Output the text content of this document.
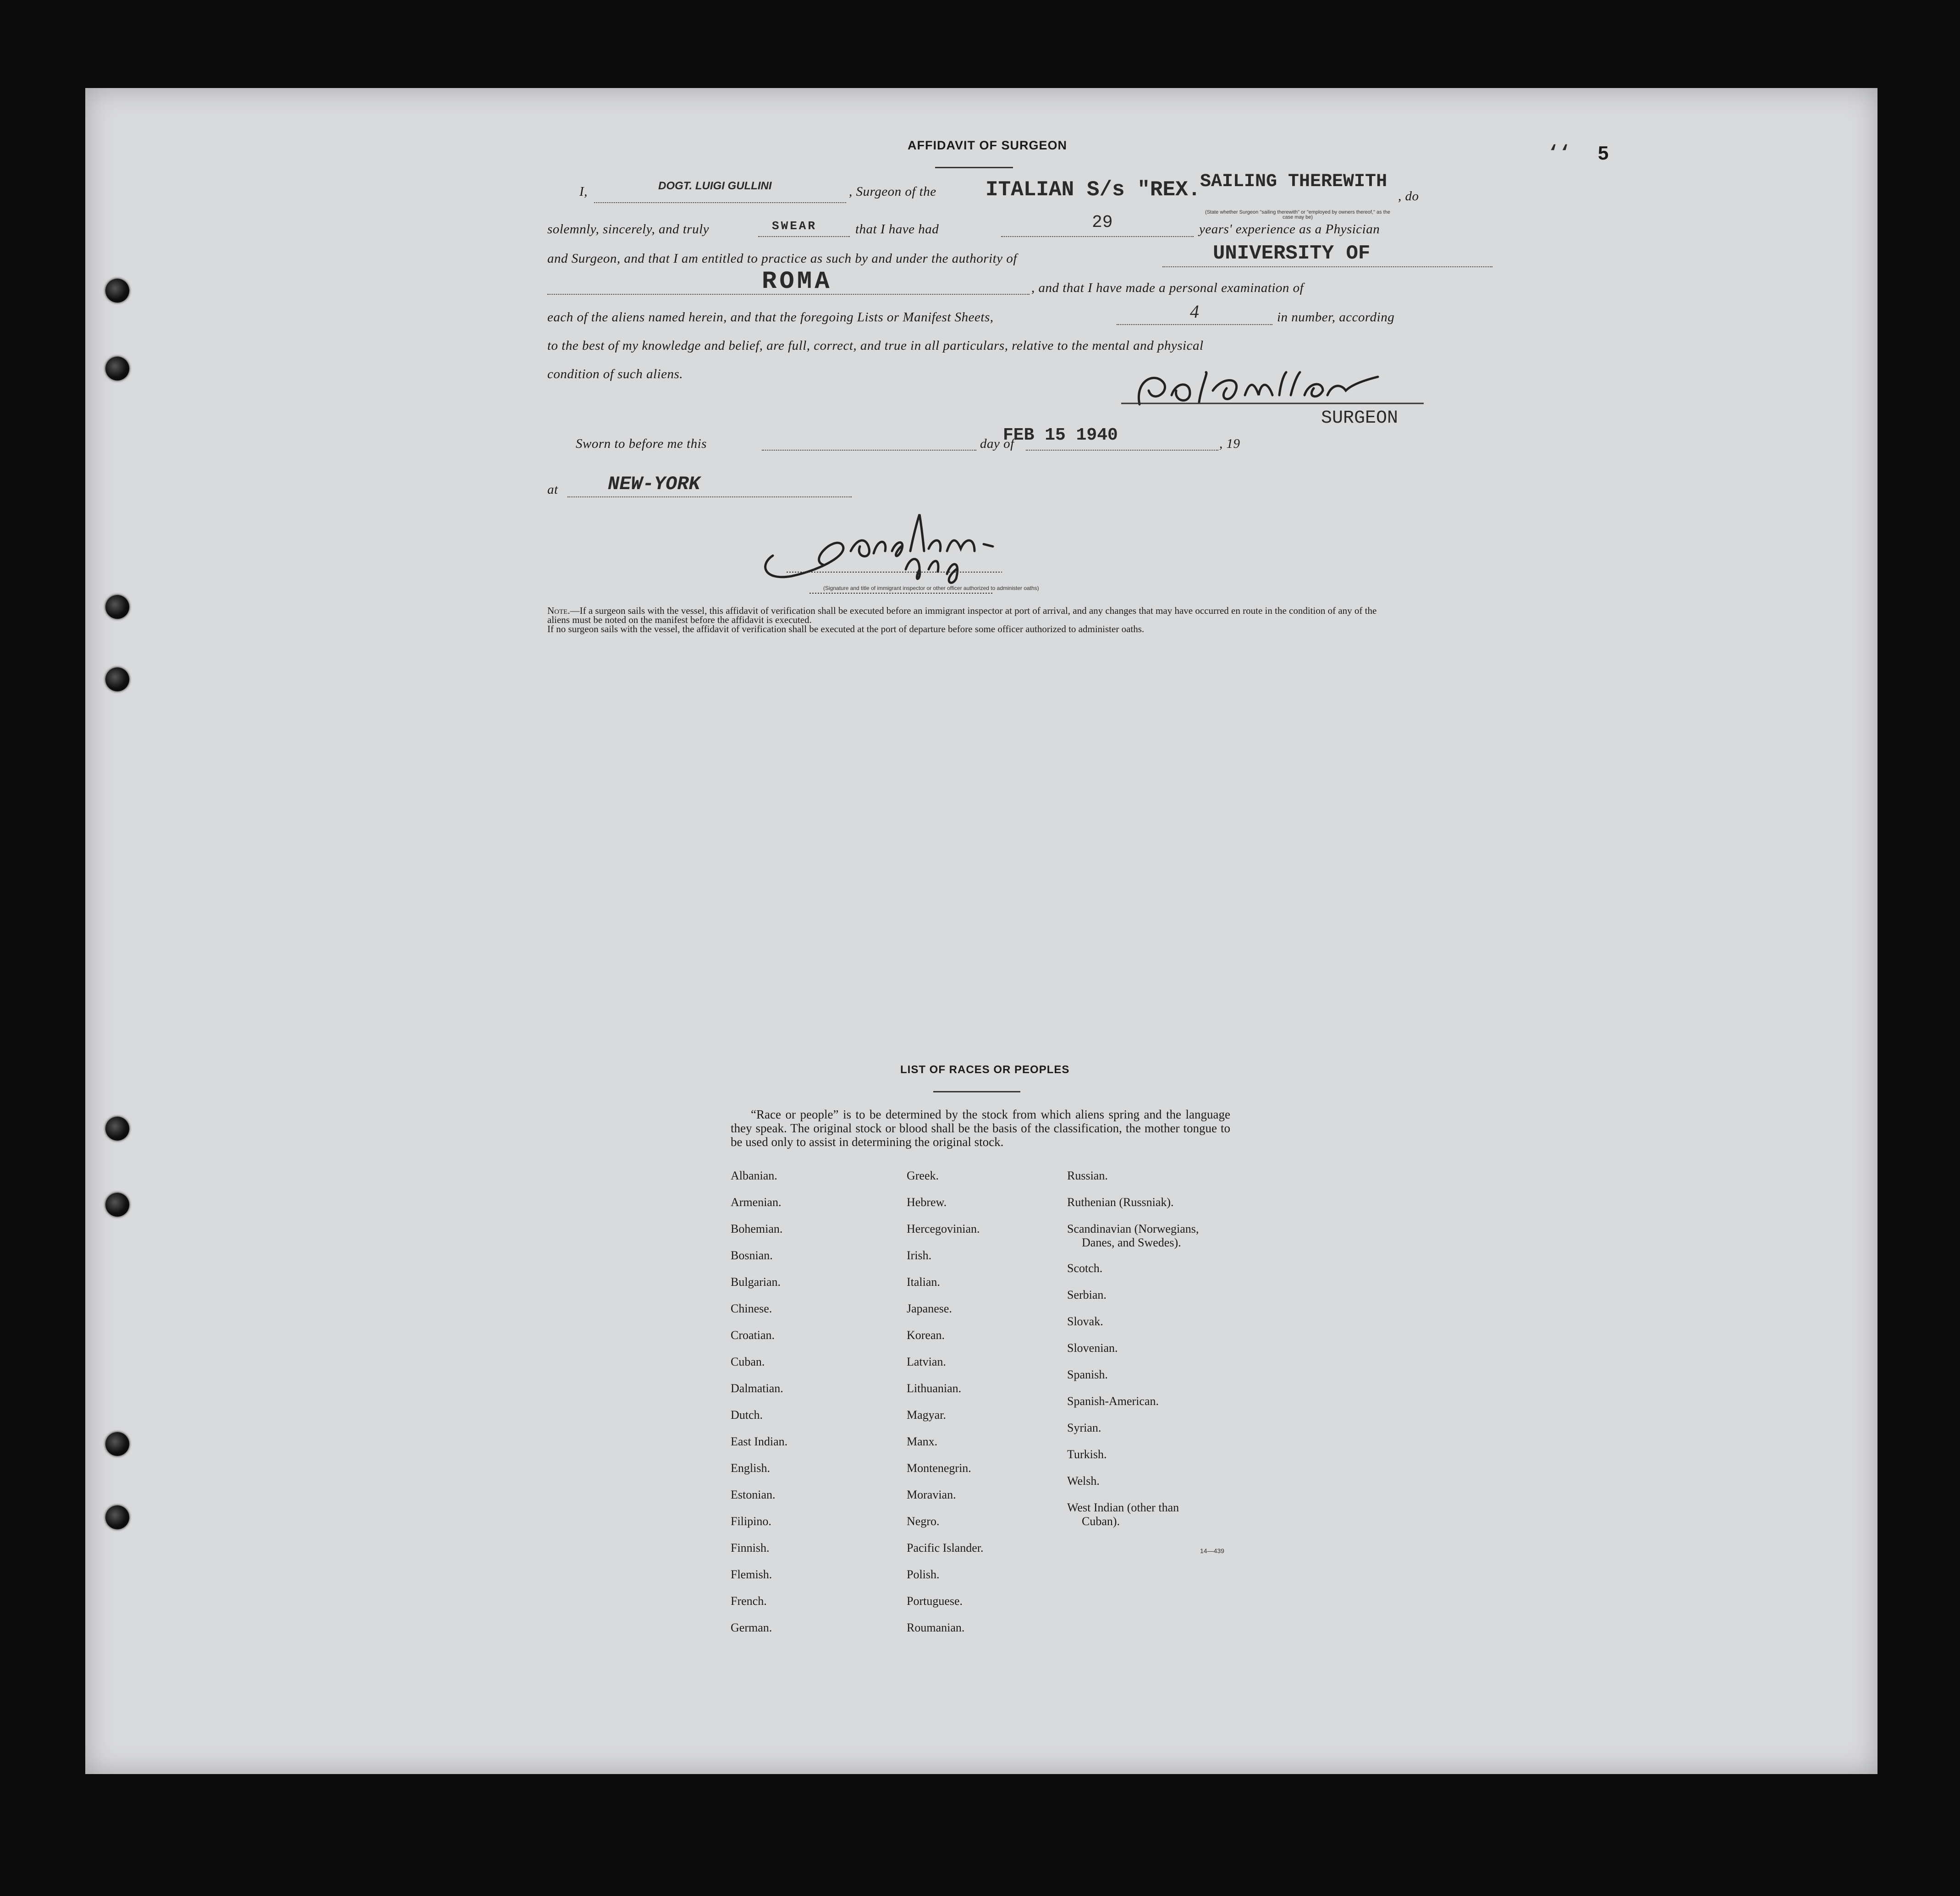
‘‘ 5
AFFIDAVIT OF SURGEON
I,	DOGT. LUIGI GULLINI	, Surgeon of the ITALIAN S/s "REX.
SAILING THEREWITH
, do
(State whether Surgeon "sailing therewith" or "employed by owners thereof," as the case may be)
solemnly, sincerely, and truly	SWEAR	that I have had	29	years' experience as a Physician
and Surgeon, and that I am entitled to practice as such by and under the authority of	UNIVERSITY OF
ROMA	, and that I have made a personal examination of
each of the aliens named herein, and that the foregoing Lists or Manifest Sheets,	4	in number, according
to the best of my knowledge and belief, are full, correct, and true in all particulars, relative to the mental and physical
condition of such aliens.
SURGEON
Sworn to before me this	day of
FEB 15 1940	, 19
at	NEW-YORK
(Signature and title of immigrant inspector or other officer authorized to administer oaths)
Note.—If a surgeon sails with the vessel, this affidavit of verification shall be executed before an immigrant inspector at port of arrival, and any changes that may have occurred en route in the condition of any of the aliens must be noted on the manifest before the affidavit is executed.
If no surgeon sails with the vessel, the affidavit of verification shall be executed at the port of departure before some officer authorized to administer oaths.
LIST OF RACES OR PEOPLES
“Race or people” is to be determined by the stock from which aliens spring and the language they speak. The original stock or blood shall be the basis of the classification, the mother tongue to be used only to assist in determining the original stock.
Albanian.
Armenian.
Bohemian.
Bosnian.
Bulgarian.
Chinese.
Croatian.
Cuban.
Dalmatian.
Dutch.
East Indian.
English.
Estonian.
Filipino.
Finnish.
Flemish.
French.
German.
Greek.
Hebrew.
Hercegovinian.
Irish.
Italian.
Japanese.
Korean.
Latvian.
Lithuanian.
Magyar.
Manx.
Montenegrin.
Moravian.
Negro.
Pacific Islander.
Polish.
Portuguese.
Roumanian.
Russian.
Ruthenian (Russniak).
Scandinavian (Norwegians,
Danes, and Swedes).
Scotch.
Serbian.
Slovak.
Slovenian.
Spanish.
Spanish-American.
Syrian.
Turkish.
Welsh.
West Indian (other than
Cuban).
14—439
